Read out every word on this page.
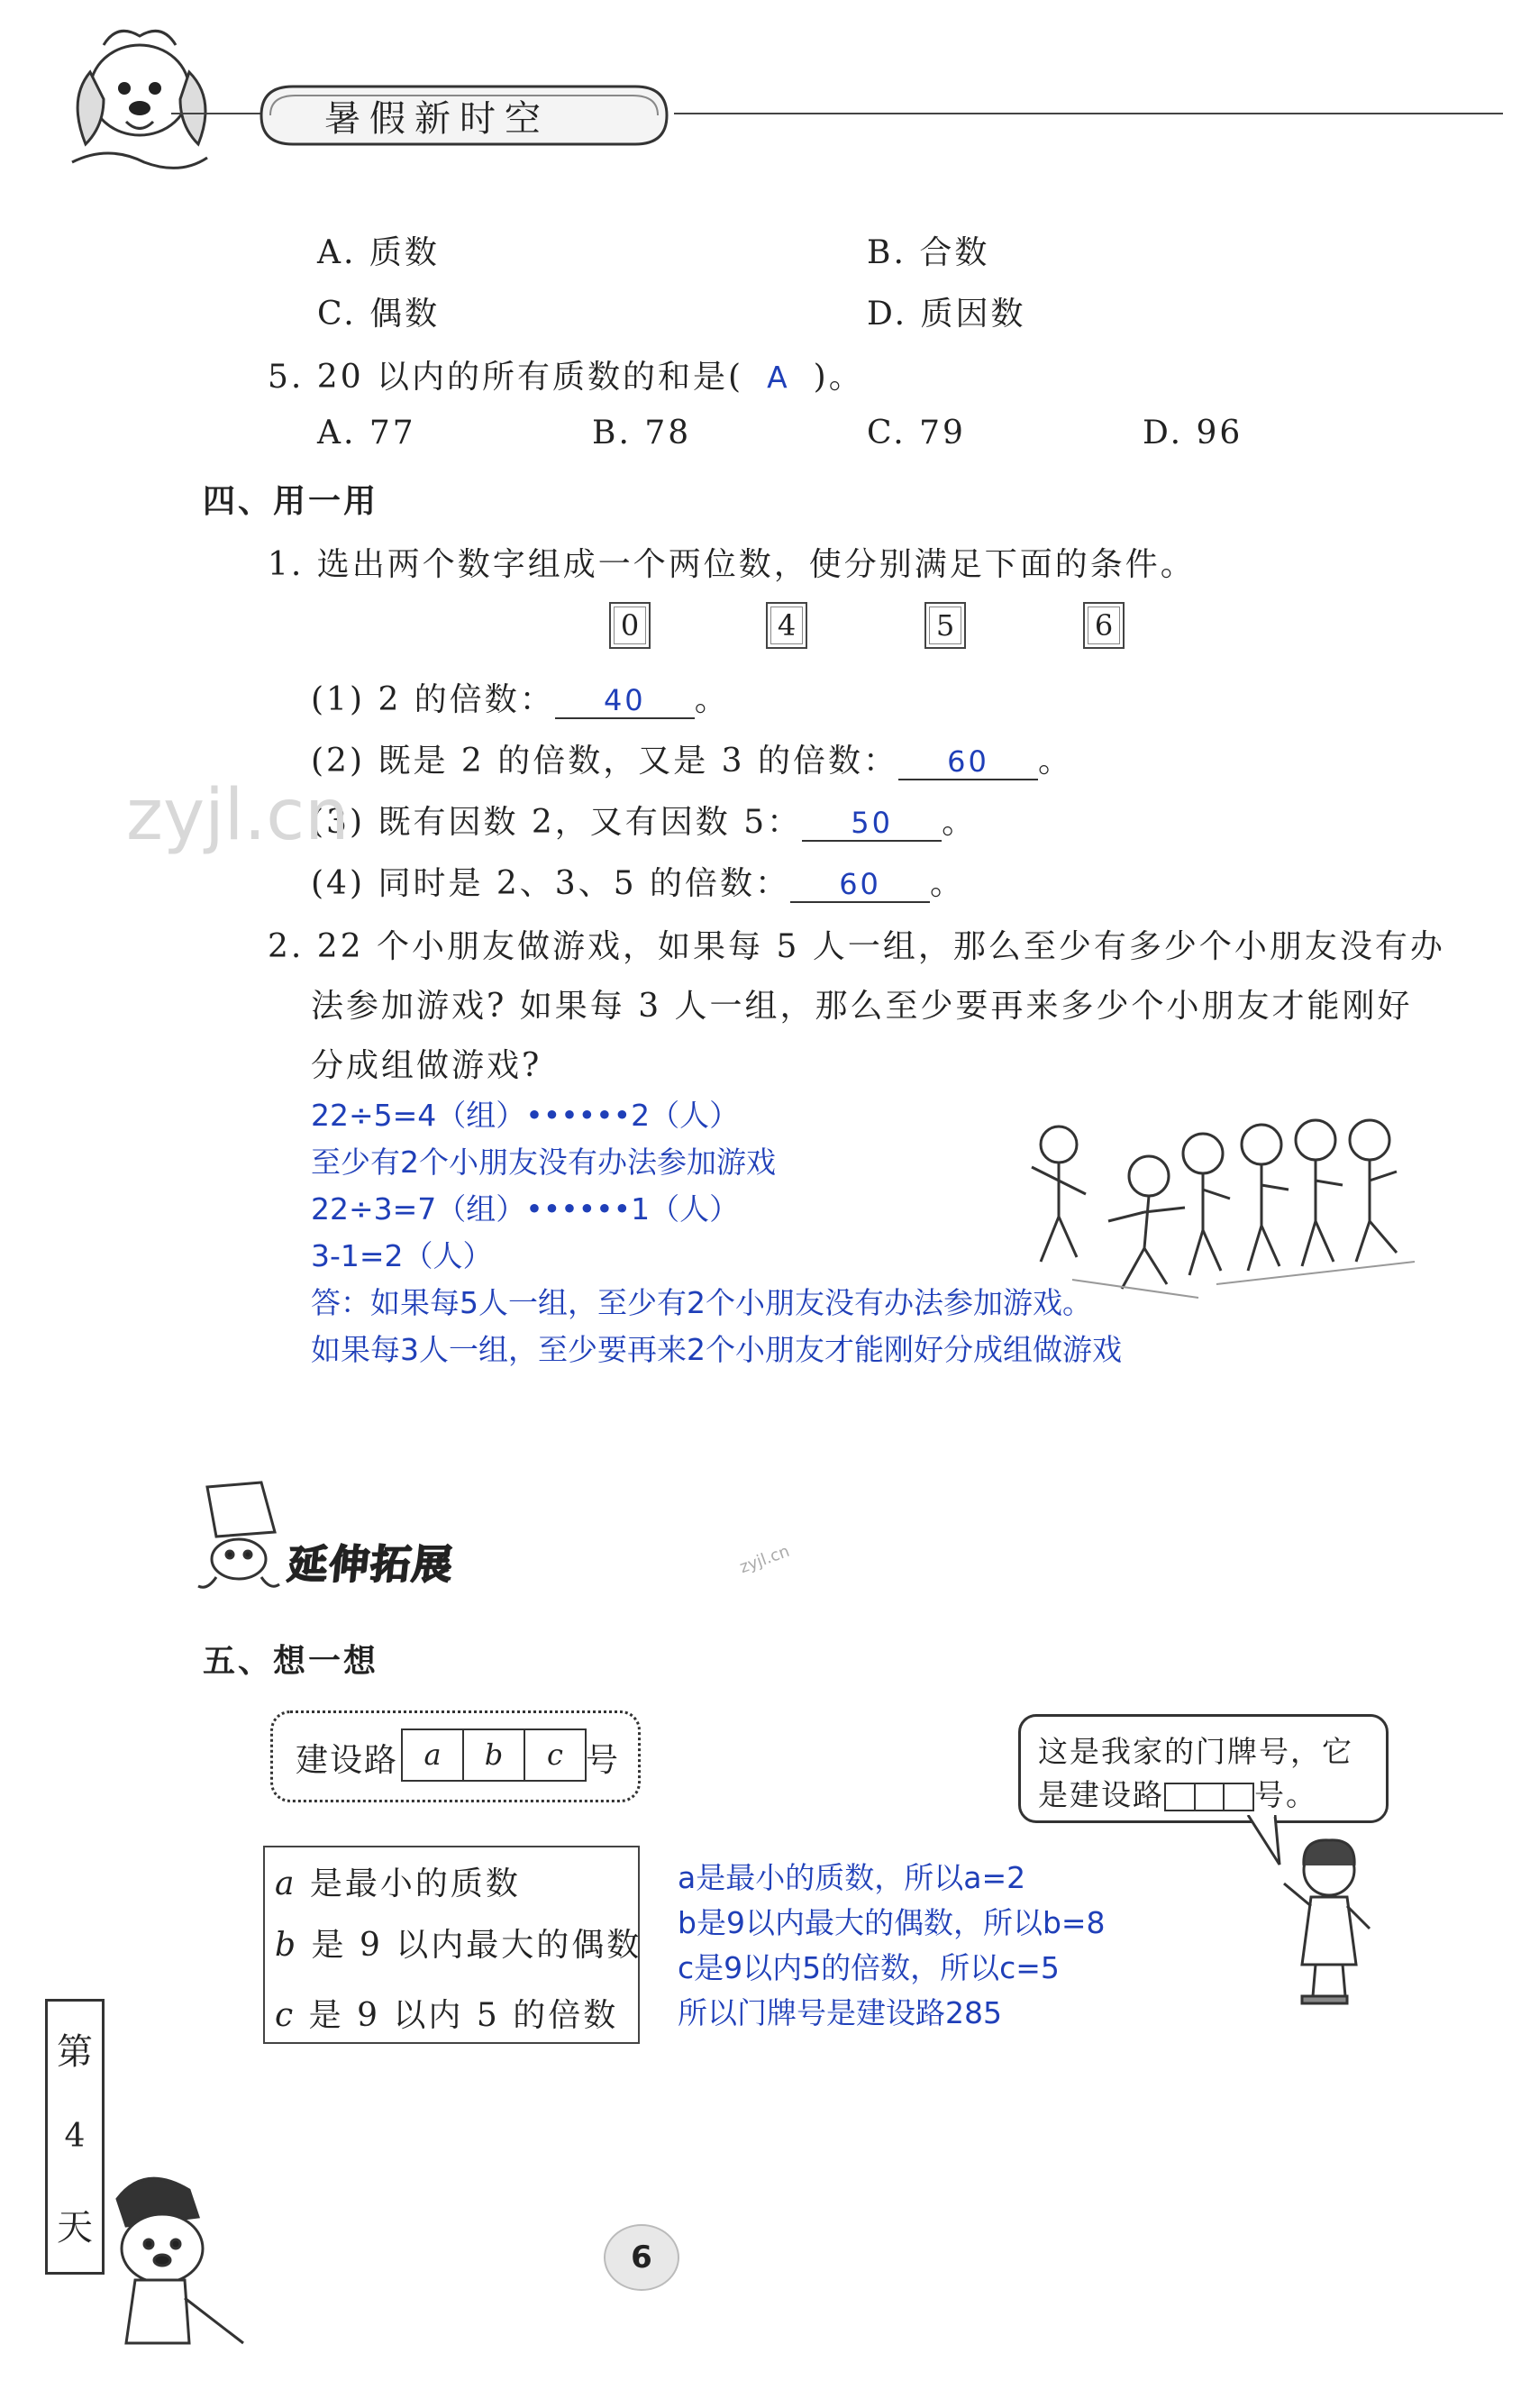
暑假新时空
A. 质数	B. 合数
C. 偶数	D. 质因数
5. 20 以内的所有质数的和是( A )。
A. 77	B. 78	C. 79	D. 96
四、用一用
1. 选出两个数字组成一个两位数，使分别满足下面的条件。
0	4	5	6
(1) 2 的倍数： 40 。
(2) 既是 2 的倍数，又是 3 的倍数： 60 。
(3) 既有因数 2，又有因数 5： 50 。
(4) 同时是 2、3、5 的倍数： 60 。
zyjl.cn
2. 22 个小朋友做游戏，如果每 5 人一组，那么至少有多少个小朋友没有办
法参加游戏? 如果每 3 人一组，那么至少要再来多少个小朋友才能刚好
分成组做游戏?
22÷5=4（组）••••••2（人）
至少有2个小朋友没有办法参加游戏
22÷3=7（组）••••••1（人）
3-1=2（人）
答：如果每5人一组，至少有2个小朋友没有办法参加游戏。
如果每3人一组，至少要再来2个小朋友才能刚好分成组做游戏
延伸拓展	zyjl.cn
五、想一想
建设路 a	b	c 号
a 是最小的质数
b 是 9 以内最大的偶数
c 是 9 以内 5 的倍数
a是最小的质数，所以a=2
b是9以内最大的偶数，所以b=8
c是9以内5的倍数，所以c=5
所以门牌号是建设路285
这是我家的门牌号，它
是建设路	号。
第
4
天
6
